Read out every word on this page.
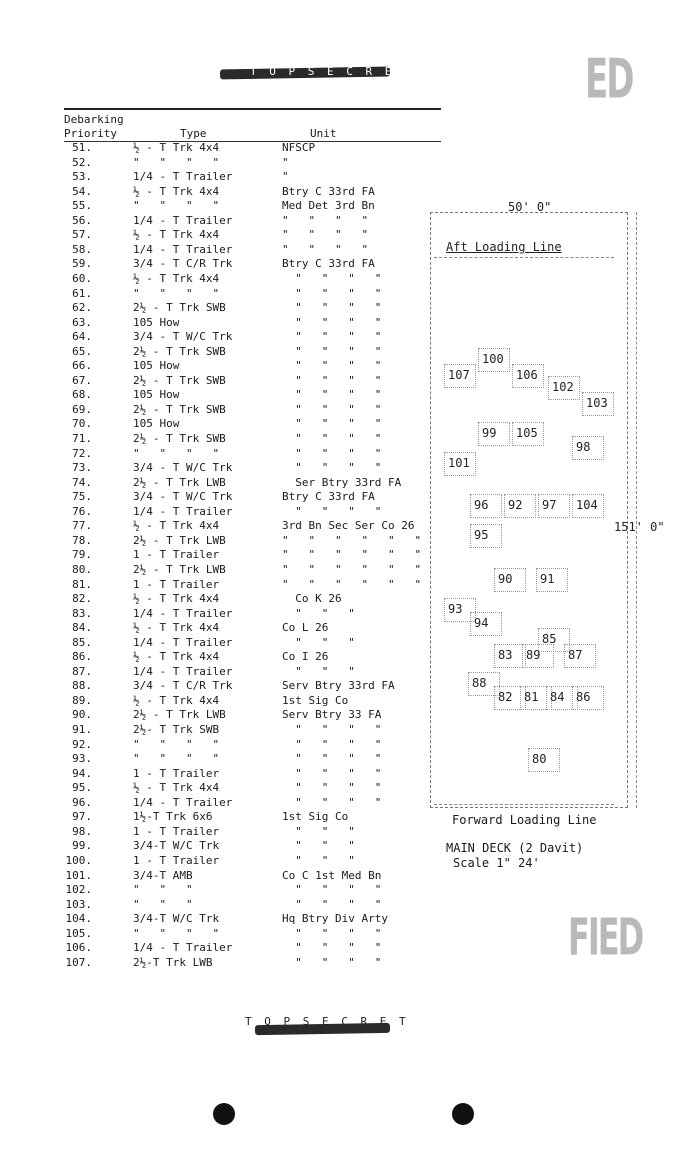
T O P S E C R E T	ED
Debarking
Priority	Type	Unit
51.	½ - T Trk 4x4	NFSCP
52.	"   "   "   "	"
53.	1/4 - T Trailer	"
54.	½ - T Trk 4x4	Btry C 33rd FA
55.	"   "   "   "	Med Det 3rd Bn
56.	1/4 - T Trailer	"   "   "   "
57.	½ - T Trk 4x4	"   "   "   "
58.	1/4 - T Trailer	"   "   "   "
59.	3/4 - T C/R Trk	Btry C 33rd FA
60.	½ - T Trk 4x4	"   "   "   "
61.	"   "   "   "	"   "   "   "
62.	2½ - T Trk SWB	"   "   "   "
63.	105 How	"   "   "   "
64.	3/4 - T W/C Trk	"   "   "   "
65.	2½ - T Trk SWB	"   "   "   "
66.	105 How	"   "   "   "
67.	2½ - T Trk SWB	"   "   "   "
68.	105 How	"   "   "   "
69.	2½ - T Trk SWB	"   "   "   "
70.	105 How	"   "   "   "
71.	2½ - T Trk SWB	"   "   "   "
72.	"   "   "   "	"   "   "   "
73.	3/4 - T W/C Trk	"   "   "   "
74.	2½ - T Trk LWB	Ser Btry 33rd FA
75.	3/4 - T W/C Trk	Btry C 33rd FA
76.	1/4 - T Trailer	"   "   "   "
77.	½ - T Trk 4x4	3rd Bn Sec Ser Co 26
78.	2½ - T Trk LWB	"   "   "   "   "   "
79.	1 - T Trailer	"   "   "   "   "   "
80.	2½ - T Trk LWB	"   "   "   "   "   "
81.	1 - T Trailer	"   "   "   "   "   "
82.	½ - T Trk 4x4	Co K 26
83.	1/4 - T Trailer	"   "   "
84.	½ - T Trk 4x4	Co L 26
85.	1/4 - T Trailer	"   "   "
86.	½ - T Trk 4x4	Co I 26
87.	1/4 - T Trailer	"   "   "
88.	3/4 - T C/R Trk	Serv Btry 33rd FA
89.	½ - T Trk 4x4	1st Sig Co
90.	2½ - T Trk LWB	Serv Btry 33 FA
91.	2½- T Trk SWB	"   "   "   "
92.	"   "   "   "	"   "   "   "
93.	"   "   "   "	"   "   "   "
94.	1 - T Trailer	"   "   "   "
95.	½ - T Trk 4x4	"   "   "   "
96.	1/4 - T Trailer	"   "   "   "
97.	1½-T Trk 6x6	1st Sig Co
98.	1 - T Trailer	"   "   "
99.	3/4-T W/C Trk	"   "   "
100.	1 - T Trailer	"   "   "
101.	3/4-T AMB	Co C 1st Med Bn
102.	"   "   "	"   "   "   "
103.	"   "   "	"   "   "   "
104.	3/4-T W/C Trk	Hq Btry Div Arty
105.	"   "   "   "	"   "   "   "
106.	1/4 - T Trailer	"   "   "   "
107.	2½-T Trk LWB	"   "   "   "
50' 0"
Aft Loading Line
100
107	106
102
103
99 105
98
101
96 92 97 104
95
90 91
93
94
85
83 89 87
88
82 81 84 86
80
151' 0"
Forward Loading Line
MAIN DECK (2 Davit)
Scale 1" 24'
FIED
T O P S E C R E T
